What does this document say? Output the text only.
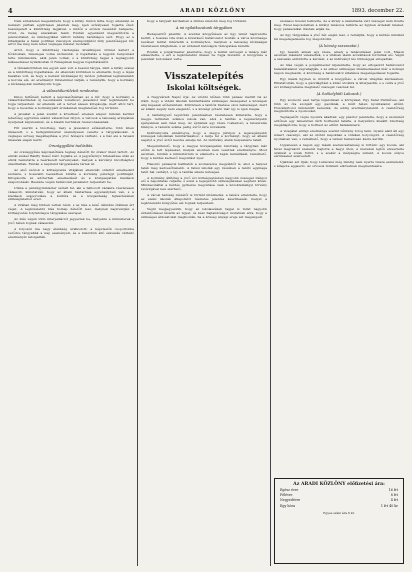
4	ARADI KÖZLÖNY	1893. december 22.

Nem érdektelen megemlíteni, hogy a király, midőn látta, hogy ellenzéki és nemzeti pártiak együttesen jelentek meg, igen szívélyesen fogadta őket; beszélgetett a küldöttség tagjaival, s midőn a szónok beszédét befejezte, rövid, de meleg szavakban felelt. Ezután egyenként megszólította a jelenvoltakat, és mindegyikkel váltott néhány barátságos szót. Hogy ez a kihallgatás a hazai politikai viszonyok szempontjából mily jelentőséggel bír, arról ma még nem lehet végleges ítéletet mondani.

Arról, hogy a küldöttség tisztelgése kiváltképen örömet keltett a fővárosban, felesleges volna szólanunk. A fogadtatás a legjobb benyomást tette mindazokra, akik jelen voltak, s a küldöttség tagjai a legnagyobb lelkesedéssel nyilatkoztak Ő Felségének kegyes fogadtatásáról.

A társaskörökben ma egyéb sem volt a beszéd tárgya, mint a király szavai és a küldöttség fogadtatása. Az ellenzéki körökben is elismerik, hogy e lépés hazafias volt, és hogy a nemzet kívánságai ily módon juthatnak leghamarabb a korona elé. Az eredményt türelemmel várják, s reménylik, hogy a kormány e kívánságokat méltányolni fogja.

A választókerületek rendezése.

Kinos feltűnést keltett a képviselőházban az a hír, hogy a kormány a választókerületek új beosztására vonatkozó javaslatot már legközelebb be fogja terjeszteni. Az ellenzék ezt a tervet élesen kifogásolja, mert attól tart, hogy a beosztás a kormánypárt érdekeinek megfelelően fog történni.

A javaslat a jelen szerint a következő elveken alapul: minden kerület lehetőleg egyforma számú választóval bírjon, a városok a lakosság arányában nyerjenek képviseletet, és a kisebb kerületek összevonassanak.

Hír szerint a bizottság, mely a javaslatot előkészítette, több ízben ülésezett, s a belügyminiszter személyesen vezette a tárgyalásokat. A végleges szöveg megállapítása a jövő hónapra várható, s a ház elé a tavaszi ülésszak elején kerül.

Országgyűlési tudósítás.

Az országgyűlés képviselőháza tegnap délelőtt tíz órakor ülést tartott. Az elnöki széket Bánffy Dezső báró foglalta el. A jegyzőkönyv hitelesítése után az elnök bemutatta a beérkezett kérvényeket, melyek a kérvényi bizottsághoz utasíttattak. Ezután a napirend tárgyalására tértek át.

Az első szónok a költségvetés vitájában ellenzéki oldalról emelkedett szólásra, s hosszabb beszédben bírálta a kormány pénzügyi politikáját. Kifogásolta az adóterhek emelkedését és a közigazgatási kiadások szaporodását. Beszéde végén határozati javaslatot terjesztett be.

Utána a pénzügyminiszter szólalt fel, aki a felhozott vádakra részletesen válaszolt, kimutatván, hogy az állam háztartása egyensúlyban van, s a kiadások szaporodása a kultúra és a közgazdaság fejlesztésének szükségleteiből ered.

A vitában még többen vettek részt, s az ülés a késő délutáni órákban ért véget. A legközelebbi ülés holnap délelőtt lesz, melynek napirendjén a költségvetés folytatólagos tárgyalása szerepel.

Az ülés végén több interpellációt jegyeztek be, melyekre a miniszterek a jövő héten fognak válaszolni.

A folyosón ma nagy élénkség uralkodott; a képviselők csoportokba verődve tárgyalták a nap eseményeit, és a küszöbön álló szavazás várható eredményét latolgatták.

hogy a tárgyalt kérdésben a döntés mielőbb meg fog történni.

A mi nyilatkozatunk tárgyában

Budapestről jelentik: A szerdai közgyűlésen az ügy ismét napirendre került, s hosszas vita után a következő határozatot hozták: a város közönsége nevében felirat intéztetik a kormányhoz, melyben a lakosság kívánságai részletesen kifejtetnek, s az érdekelt hatóságok támogatása kéretik.

Ezután a polgármester jelentette, hogy a felirat szövegét a tanács már elkészítette, s azt a legközelebbi ülésen be fogja mutatni. A közgyűlés a jelentést tudomásul vette.

Visszatelepítés
Iskolai költségek.

A Nagyváradi Napló írja: Az utóbbi időben több panasz merült fel az iránt, hogy a vidéki iskolák fenntartására szükséges összegeket a községek alig képesek előteremteni. Különösen a tanítók fizetése okoz nehézséget, mert az állami segély nem elegendő, s a községi pótadó már így is igen magas.

A tanfelügyelő legutóbbi jelentésében részletesen kimutatta, hogy a megye területén számos iskola van, ahol a tanítás a legszerényebb igényeknek sem felel meg. Az épületek egy része roskadozó, a felszerelés hiányos, a tanulók száma pedig évről évre növekszik.

Indítványozta ennélfogva, hogy a megye járuljon a legszegényebb községek iskoláinak fenntartásához, s kérje fel a kormányt, hogy az állami segélyt a jövő évtől kezdve emelje fel. Az indítvány élénk helyeslésre talált.

Megemlítendő, hogy a megyei közigazgatási bizottság e tárgyban már előbb is tett lépéseket, melyek azonban nem vezettek eredményre. Most azonban, miután a minisztérium is elismerte a bajok fennállását, remélhető, hogy a kérdés kedvező megoldást nyer.

Hasonló panaszok hallhatók a szomszédos megyékből is, ahol a helyzet talán még kedvezőtlenebb. A falusi iskolák egy részében a tanító egymaga tanít hat osztályt, s így a tanítás sikere kétséges.

A kormány állítólag a jövő évi költségvetésben nagyobb összeget irányoz elő a népoktatás céljaira, s ezzel a legégetőbb szükségleteken segíteni kíván. Mindazonáltal a kérdés gyökeres megoldása csak a közoktatásügyi törvény revíziójával lesz elérhető.

A városi hatóság részéről is történt intézkedés: a tanács elrendelte, hogy az elemi iskolák állapotáról részletes jelentés készíttessék, melyet a legközelebbi közgyűlés elé fognak terjeszteni.

Végül megjegyezzük, hogy az iskolaszékek tagjai is mind nagyobb érdeklődéssel kísérik az ügyet, és kész hajlandóságot mutatnak arra, hogy a szükséges áldozatokat meghozzák, ha a község anyagi ereje azt megengedi.

szokásos tizedet befizette, de a király a számításba vett összeget nem fizette meg. Ezzel kapcsolatban a királyi tanácsos felhívta az ügyben érdekelt feleket, hogy panaszaikat írásban adják be.

Az ügy tárgyalása a jövő hét elején lesz, s reméljük, hogy a kérdés mindkét fél megelégedésére fog megoldódni.

(A község szavazatai.)

Igy beszélt annak egy része, amely a tanácsülésen jelen volt. Mások azonban másként vélekedtek, s a vitában élénk szóváltások fordultak elő. Végül a szavazás eldöntötte a kérdést, s az indítványt kis többséggel elfogadták.

Az ülés végén a polgármester kijelentette, hogy az elfogadott határozatot haladéktalanul végrehajtják, s az ehhez szükséges intézkedéseket már a holnapi napon megteszik. A közönség a határozatot általános megelégedéssel fogadta.

Egy másik ügyben is döntött a közgyűlés: a városi világítás kérdésében. Elhatározták, hogy a gázvilágítást a külső utcákra is kiterjesztik, s e célra a jövő évi költségvetésbe megfelelő összeget vesznek fel.

(A Székelyhídi Lakosok.)

Egy szomorú eset tartja izgalomban a környéket. Egy fiatal földműves, aki több év óta szolgált egy gazdánál, a múlt héten nyomtalanul eltűnt. Hozzátartozói mindenütt keresték, de eddig eredménytelenül. A csendőrség megindította a nyomozást.

Tegnapelőtt végre nyomra akadtak: egy pásztor jelentette, hogy a szomszéd erdőben egy ismeretlen férfi holttestét találta. A helyszínre kiszállt bizottság megállapította, hogy a holttest az eltűnt fiatalemberé.

A vizsgálat eddigi eredménye szerint bűntény forog fenn. Gyanú alatt áll egy ismert csavargó, aki az utóbbi napokban a vidéken bolyongott. A csendőrség nyomában van, s remélhető, hogy a tettest hamarosan kézre kerítik.

Ugyanezen a napon egy másik szerencsétlenség is történt: egy kocsis, aki fával megrakott szekerét hajtotta a hegyi úton, a meredek lejtőn elvesztette uralmát a lovak fölött, s a szekér a mélységbe zuhant. A kocsis súlyos sérüléseket szenvedett.

Újabban azt írják, hogy Lukácsné még mindig nem nyerte vissza eszméletét, s állapota aggasztó. Az orvosok mindent elkövetnek megmentésére.

Az ARADI KÖZLÖNY előfizetési ára:
Egész évre	16 frt
Félévre	8 frt
Negyedévre	4 frt
Egy hóra	1 frt 40 kr
Egyes szám ára 6 kr.
